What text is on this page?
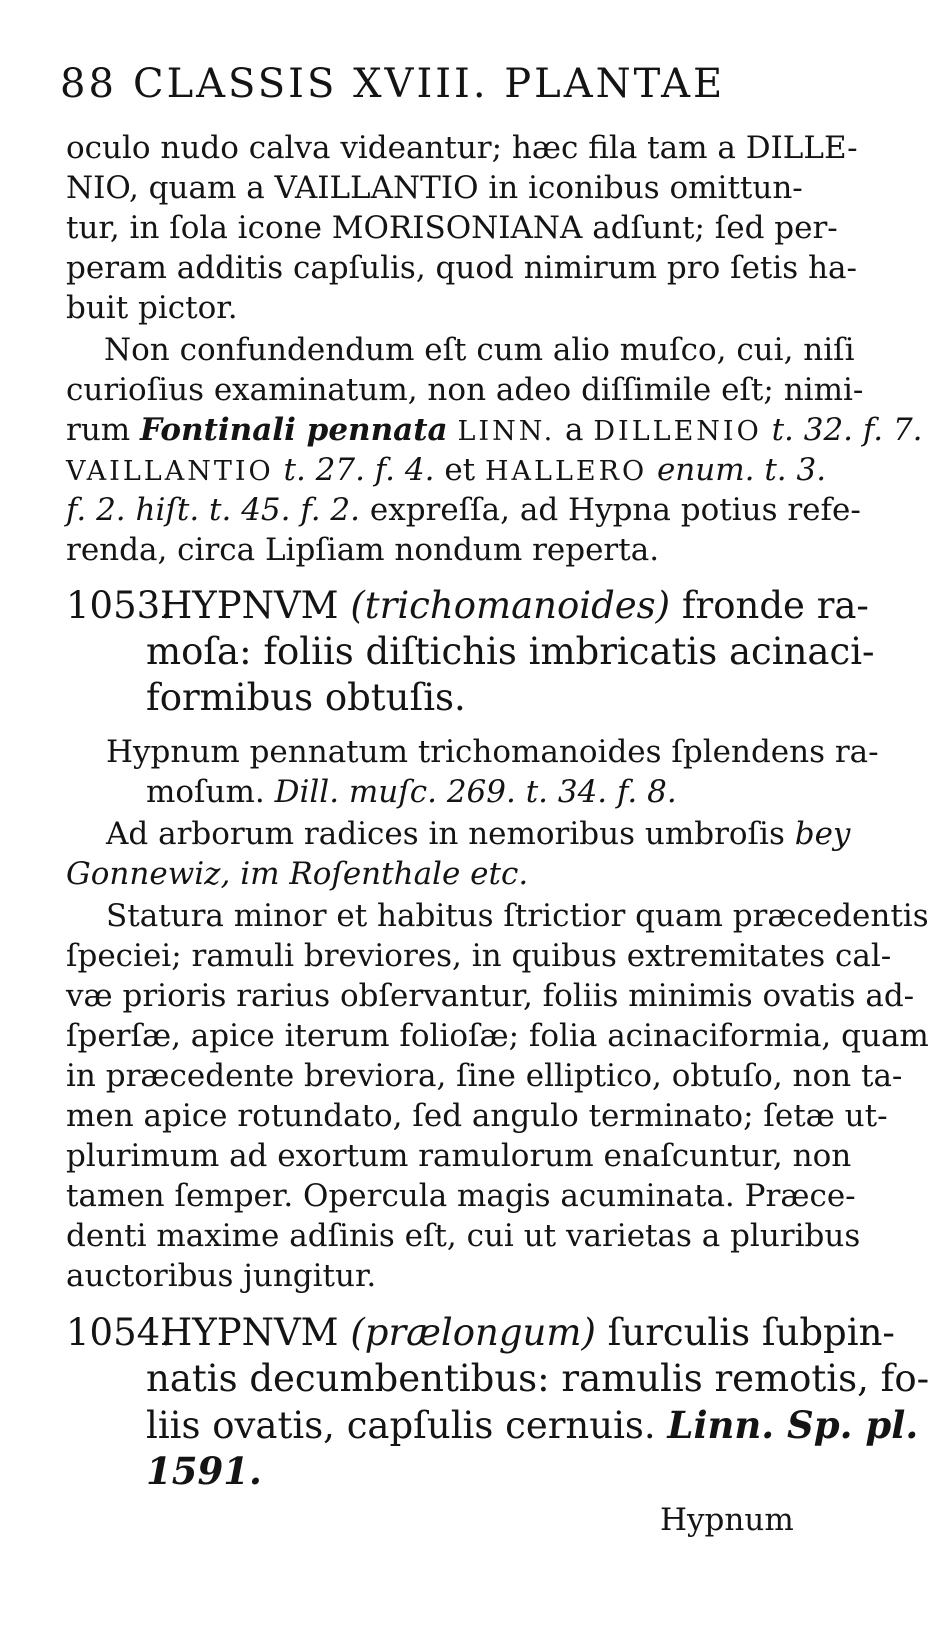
88 CLASSIS XVIII. PLANTAE
oculo nudo calva videantur; hæc fila tam a DILLE-
NIO, quam a VAILLANTIO in iconibus omittun-
tur, in ſola icone MORISONIANA adſunt; ſed per-
peram additis capſulis, quod nimirum pro ſetis ha-
buit pictor.
Non confundendum eſt cum alio muſco, cui, niſi
curioſius examinatum, non adeo diſſimile eſt; nimi-
rum Fontinali pennata LINN. a DILLENIO t. 32. f. 7.
VAILLANTIO t. 27. f. 4. et HALLERO enum. t. 3.
f. 2. hiſt. t. 45. f. 2. expreſſa, ad Hypna potius refe-
renda, circa Lipſiam nondum reperta.
1053.
HYPNVM (trichomanoides) fronde ra-
moſa: foliis diſtichis imbricatis acinaci-
formibus obtuſis.
Hypnum pennatum trichomanoides ſplendens ra-
moſum. Dill. muſc. 269. t. 34. f. 8.
Ad arborum radices in nemoribus umbroſis bey
Gonnewiz, im Roſenthale etc.
Statura minor et habitus ſtrictior quam præcedentis
ſpeciei; ramuli breviores, in quibus extremitates cal-
væ prioris rarius obſervantur, foliis minimis ovatis ad-
ſperſæ, apice iterum folioſæ; folia acinaciformia, quam
in præcedente breviora, ſine elliptico, obtuſo, non ta-
men apice rotundato, ſed angulo terminato; ſetæ ut-
plurimum ad exortum ramulorum enaſcuntur, non
tamen ſemper. Opercula magis acuminata. Præce-
denti maxime adſinis eſt, cui ut varietas a pluribus
auctoribus jungitur.
1054.
HYPNVM (prælongum) ſurculis ſubpin-
natis decumbentibus: ramulis remotis, fo-
liis ovatis, capſulis cernuis. Linn. Sp. pl.
1591.
Hypnum
